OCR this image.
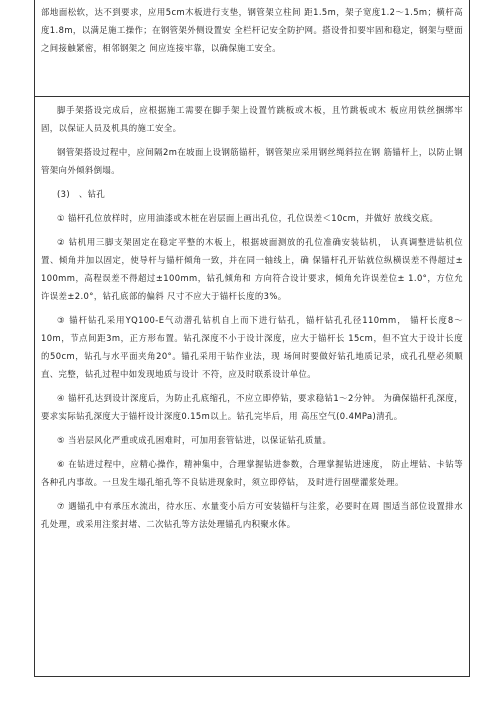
部地面松软，达不到要求，应用5cm木板进行支垫，钢管架立柱间 距1.5m，架子宽度1.2～1.5m；横杆高度1.8m，以满足施工操作；在钢管架外侧设置安 全栏杆记安全防护网。搭设骨扣要牢固和稳定，钢架与壁面之间接触紧密，相邻钢架之 间应连接牢靠，以确保施工安全。

脚手架搭设完成后，应根据施工需要在脚手架上设置竹跳板或木板，且竹跳板或木 板应用铁丝捆绑牢固，以保证人员及机具的施工安全。

钢管架搭设过程中，应间隔2m在坡面上设钢筋锚杆，钢管架应采用钢丝绳斜拉在钢 筋锚杆上，以防止钢管架向外倾斜倒塌。

(3)　、钻孔

① 锚杆孔位放样时，应用油漆或木桩在岩层面上画出孔位，孔位误差＜10cm，并做好 放线交底。

② 钻机用三脚支架固定在稳定平整的木板上，根据坡面测放的孔位准确安装钻机， 认真调整进钻机位置、倾角并加以固定，使导杆与锚杆倾角一致，并在同一轴线上，确 保锚杆孔开钻就位纵横误差不得超过± 100mm，高程误差不得超过±100mm，钻孔倾角和 方向符合设计要求，倾角允许误差位± 1.0°，方位允许误差±2.0°，钻孔底部的偏斜 尺寸不应大于锚杆长度的3%。

③ 锚杆钻孔采用YQ100-E气动潜孔钻机自上而下进行钻孔，锚杆钻孔孔径110mm， 锚杆长度8～10m，节点间距3m，正方形布置。钻孔深度不小于设计深度，应大于锚杆长 15cm，但不宜大于设计长度的50cm，钻孔与水平面夹角20°。锚孔采用干钻作业法，现 场间时要做好钻孔地质记录，成孔孔壁必须顺直、完整，钻孔过程中如发现地质与设计 不符，应及时联系设计单位。

④ 锚杆孔达到设计深度后，为防止孔底缩孔，不应立即停钻，要求稳钻1～2分钟。 为确保锚杆孔深度，要求实际钻孔深度大于锚杆设计深度0.15m以上。钻孔完毕后，用 高压空气(0.4MPa)清孔。

⑤ 当岩层风化严重或成孔困难时，可加用套管钻进，以保证钻孔质量。

⑥ 在钻进过程中，应精心操作，精神集中，合理掌握钻进参数，合理掌握钻进速度， 防止埋钻、卡钻等各种孔内事故。一旦发生塌孔缩孔等不良钻进现象时，须立即停钻， 及时进行固壁灌浆处理。

⑦ 遇锚孔中有承压水流出，待水压、水量变小后方可安装锚杆与注浆，必要时在周 围适当部位设置排水孔处理，或采用注浆封堵、二次钻孔等方法处理锚孔内积聚水体。
